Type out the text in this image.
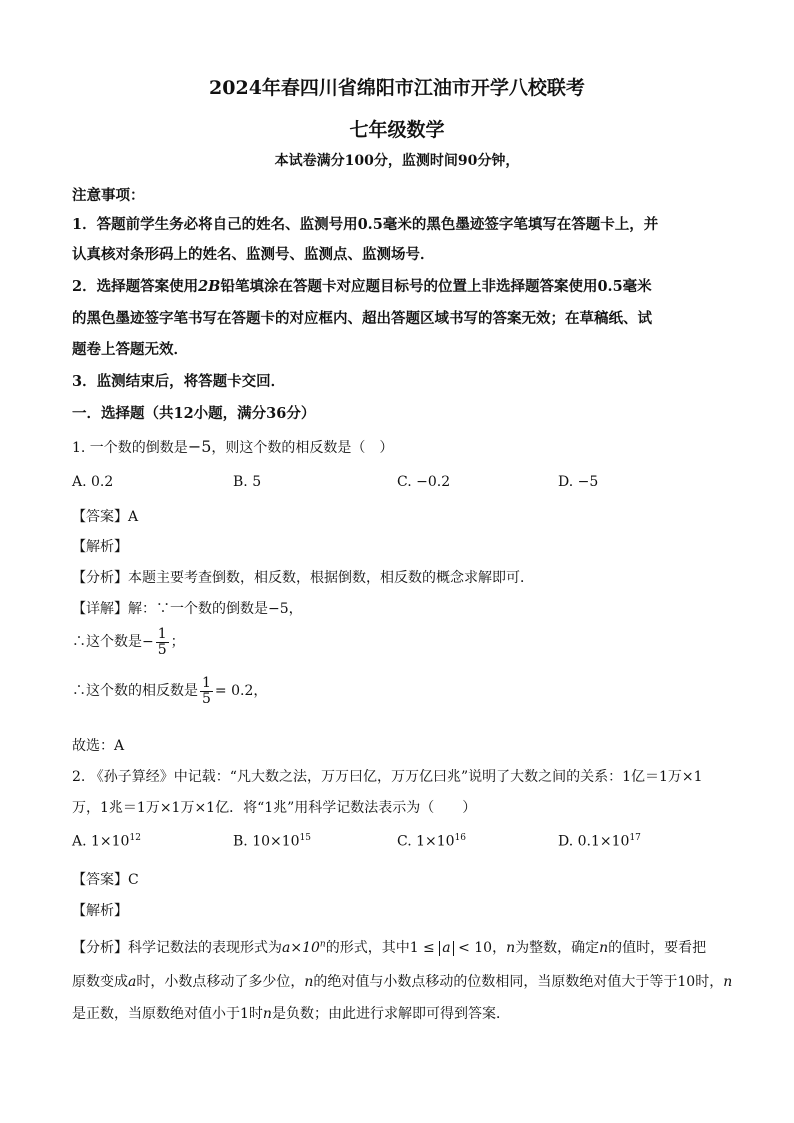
2024年春四川省绵阳市江油市开学八校联考
七年级数学
本试卷满分100分，监测时间90分钟，
注意事项：
1．答题前学生务必将自己的姓名、监测号用0.5毫米的黑色墨迹签字笔填写在答题卡上，并
认真核对条形码上的姓名、监测号、监测点、监测场号．
2．选择题答案使用2B铅笔填涂在答题卡对应题目标号的位置上非选择题答案使用0.5毫米
的黑色墨迹签字笔书写在答题卡的对应框内、超出答题区域书写的答案无效；在草稿纸、试
题卷上答题无效．
3．监测结束后，将答题卡交回．
一．选择题（共12小题，满分36分）
1. 一个数的倒数是−5，则这个数的相反数是（　）
A. 0.2	B. 5	C. −0.2	D. −5
【答案】A
【解析】
【分析】本题主要考查倒数，相反数，根据倒数，相反数的概念求解即可．
【详解】解：∵一个数的倒数是−5，
∴这个数是− $\frac{1}{5}$ ；
∴这个数的相反数是 $\frac{1}{5} = 0.2$，
故选：A
2. 《孙子算经》中记载：“凡大数之法，万万曰亿，万万亿曰兆”说明了大数之间的关系：1亿＝1万×1
万，1兆＝1万×1万×1亿．将“1兆”用科学记数法表示为（　　）
A. $1\times 10^{12}$	B. $10\times 10^{15}$	C. $1\times 10^{16}$	D. $0.1\times 10^{17}$
【答案】C
【解析】
【分析】科学记数法的表现形式为$a\times 10^n$的形式，其中1 ≤ a < 10，n为整数，确定n的值时，要看把
原数变成a时，小数点移动了多少位，n的绝对值与小数点移动的位数相同，当原数绝对值大于等于10时，n
是正数，当原数绝对值小于1时n是负数；由此进行求解即可得到答案．
